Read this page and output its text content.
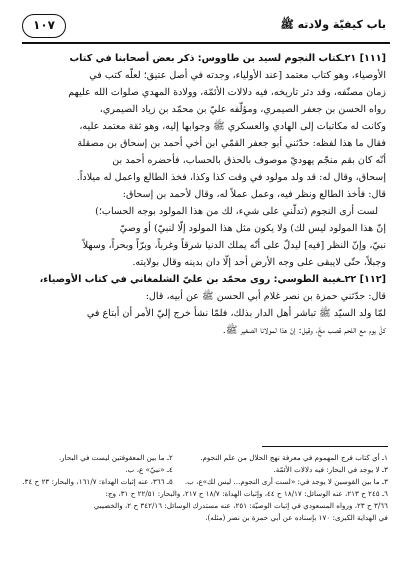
١٠٧	باب كيفيّة ولادته ﷺ

[١١١] ٢١ـكتاب النجوم لسيد بن طاووس: ذكر بعض أصحابنا في كتاب

الأوصياء، وهو كتاب معتمد [عند الأولياء، وجدته في أصل عتيق؛ لعلّه كتب في

زمان مصنّفه، وقد دثر تاريخه، فيه دلالات الأئمّة، وولادة المهدي صلوات الله عليهم

رواه الحسن بن جعفر الصيمري، ومؤلّفه عليّ بن محمّد بن زياد الصيمري،

وكانت له مكاتبات إلى الهادي والعسكري ﷺ وجوابها إليه، وهو ثقة معتمد عليه،

فقال ما هذا لفظه: حدّثني أبو جعفر القمّي ابن أخي أحمد بن إسحاق بن مصقلة

أنّه كان بقم منجّم يهوديّ موصوف بالحذق بالحساب، فأحضره أحمد بن

إسحاق، وقال له: قد ولد مولود في وقت كذا وكذا، فخذ الطالع واعمل له ميلاداً.

قال: فأخذ الطالع ونظر فيه، وعمل عملاً له، وقال لأحمد بن إسحاق:

لست أرى النجوم (تدلّني على شيء، لك من هذا المولود بوجه الحساب؛)

إنّ هذا المولود ليس لك) ولا يكون مثل هذا المولود إلّا لنبيّ) أو وصيّ

نبيّ، وإنّ النظر [فيه] ليدلّ على أنّه يملك الدنيا شرقاً وغرباً، وبرّاً وبحراً، وسهلاً

وجبلاً، حتّى لايبقى على وجه الأرض أحد إلّا دان بدينه وقال بولايته.

[١١٢] ٢٢ـغيبة الطوسي: روى محمّد بن عليّ الشلمغاني في كتاب الأوصياء،

قال: حدّثني حمزة بن نصر غلام أبي الحسن ﷺ عن أبيه، قال:

لمّا ولد السيّد ﷺ تباشر أهل الدار بذلك، فلمّا نشأ خرج إليّ الأمر أن أبتاع في

كلّ يوم مع اللحم قصب مخّ، وقيل: إنّ هذا لمولانا الصغير ﷺ.

١ـ أي كتاب فرج المهموم في معرفة نهج الحلال من علم النجوم.
٢ـ ما بين المعقوفتين ليست في البحار.
٣ـ لا يوجد في البحار: فيه دلالات الأئمّة.
٤ـ «نبيّ» ع، ب.
٣ـ ما بين القوسين لا يوجد في: «لست أرى النجوم... ليس لك»ع، ب.
٥ـ ٣٦٦، عنه إثبات الهداة: ١٦١/٧، والبحار: ٢٣ ح ٣٤.
٦ـ ٢٤٥ ح ٢١٣، عنه الوسائل: ١٨/١٧ ح ٤٤، وإثبات الهداة: ١٨/٧ ح ٢١٧، والبحار: ٢٢/٥١ ح ٣١، وج:
٣/٦٦ ح ٢٣، ورواه المسعودي في إثبات الوصيّة: ٢٥١، عنه مستدرك الوسائل: ٣٤٢/١٦ ح ٢، والخصيبي
في الهداية الكبرى: ١٧٠ بإسناده عن أبي حمزة بن نصر (مثله).
